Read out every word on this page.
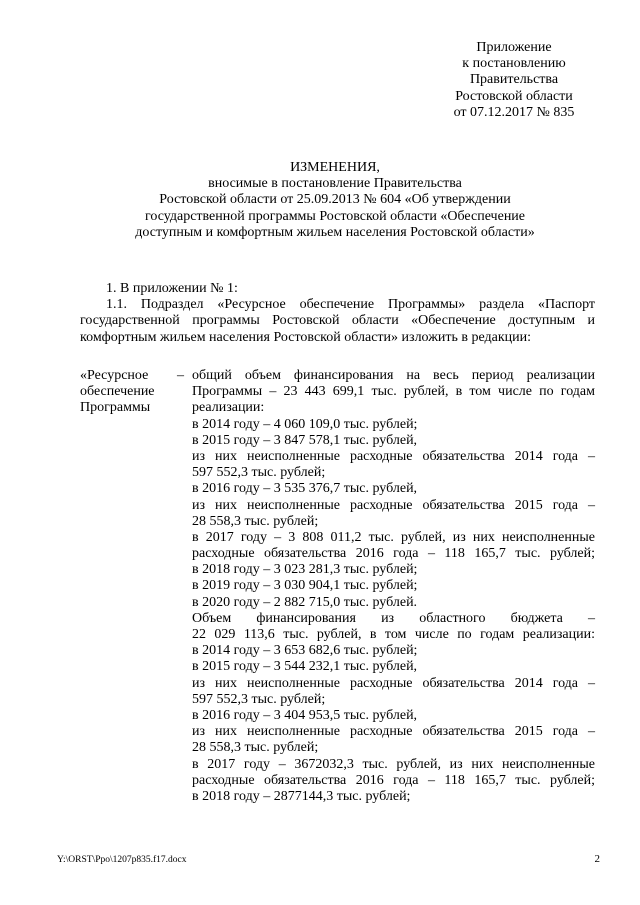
Приложение
к постановлению
Правительства
Ростовской области
от 07.12.2017 № 835
ИЗМЕНЕНИЯ,
вносимые в постановление Правительства
Ростовской области от 25.09.2013 № 604 «Об утверждении
государственной программы Ростовской области «Обеспечение
доступным и комфортным жильем населения Ростовской области»
1. В приложении № 1:
1.1. Подраздел «Ресурсное обеспечение Программы» раздела «Паспорт
государственной программы Ростовской области «Обеспечение доступным и
комфортным жильем населения Ростовской области» изложить в редакции:
«Ресурсное
обеспечение
Программы
– общий объем финансирования на весь период реализации
Программы – 23 443 699,1 тыс. рублей, в том числе по годам
реализации:
в 2014 году – 4 060 109,0 тыс. рублей;
в 2015 году – 3 847 578,1 тыс. рублей,
из них неисполненные расходные обязательства 2014 года –
597 552,3 тыс. рублей;
в 2016 году – 3 535 376,7 тыс. рублей,
из них неисполненные расходные обязательства 2015 года –
28 558,3 тыс. рублей;
в 2017 году – 3 808 011,2 тыс. рублей, из них неисполненные
расходные обязательства 2016 года – 118 165,7 тыс. рублей;
в 2018 году – 3 023 281,3 тыс. рублей;
в 2019 году – 3 030 904,1 тыс. рублей;
в 2020 году – 2 882 715,0 тыс. рублей.
Объем финансирования из областного бюджета –
22 029 113,6 тыс. рублей, в том числе по годам реализации:
в 2014 году – 3 653 682,6 тыс. рублей;
в 2015 году – 3 544 232,1 тыс. рублей,
из них неисполненные расходные обязательства 2014 года –
597 552,3 тыс. рублей;
в 2016 году – 3 404 953,5 тыс. рублей,
из них неисполненные расходные обязательства 2015 года –
28 558,3 тыс. рублей;
в 2017 году – 3672032,3 тыс. рублей, из них неисполненные
расходные обязательства 2016 года – 118 165,7 тыс. рублей;
в 2018 году – 2877144,3 тыс. рублей;
Y:\ORST\Ppo\1207p835.f17.docx	2
